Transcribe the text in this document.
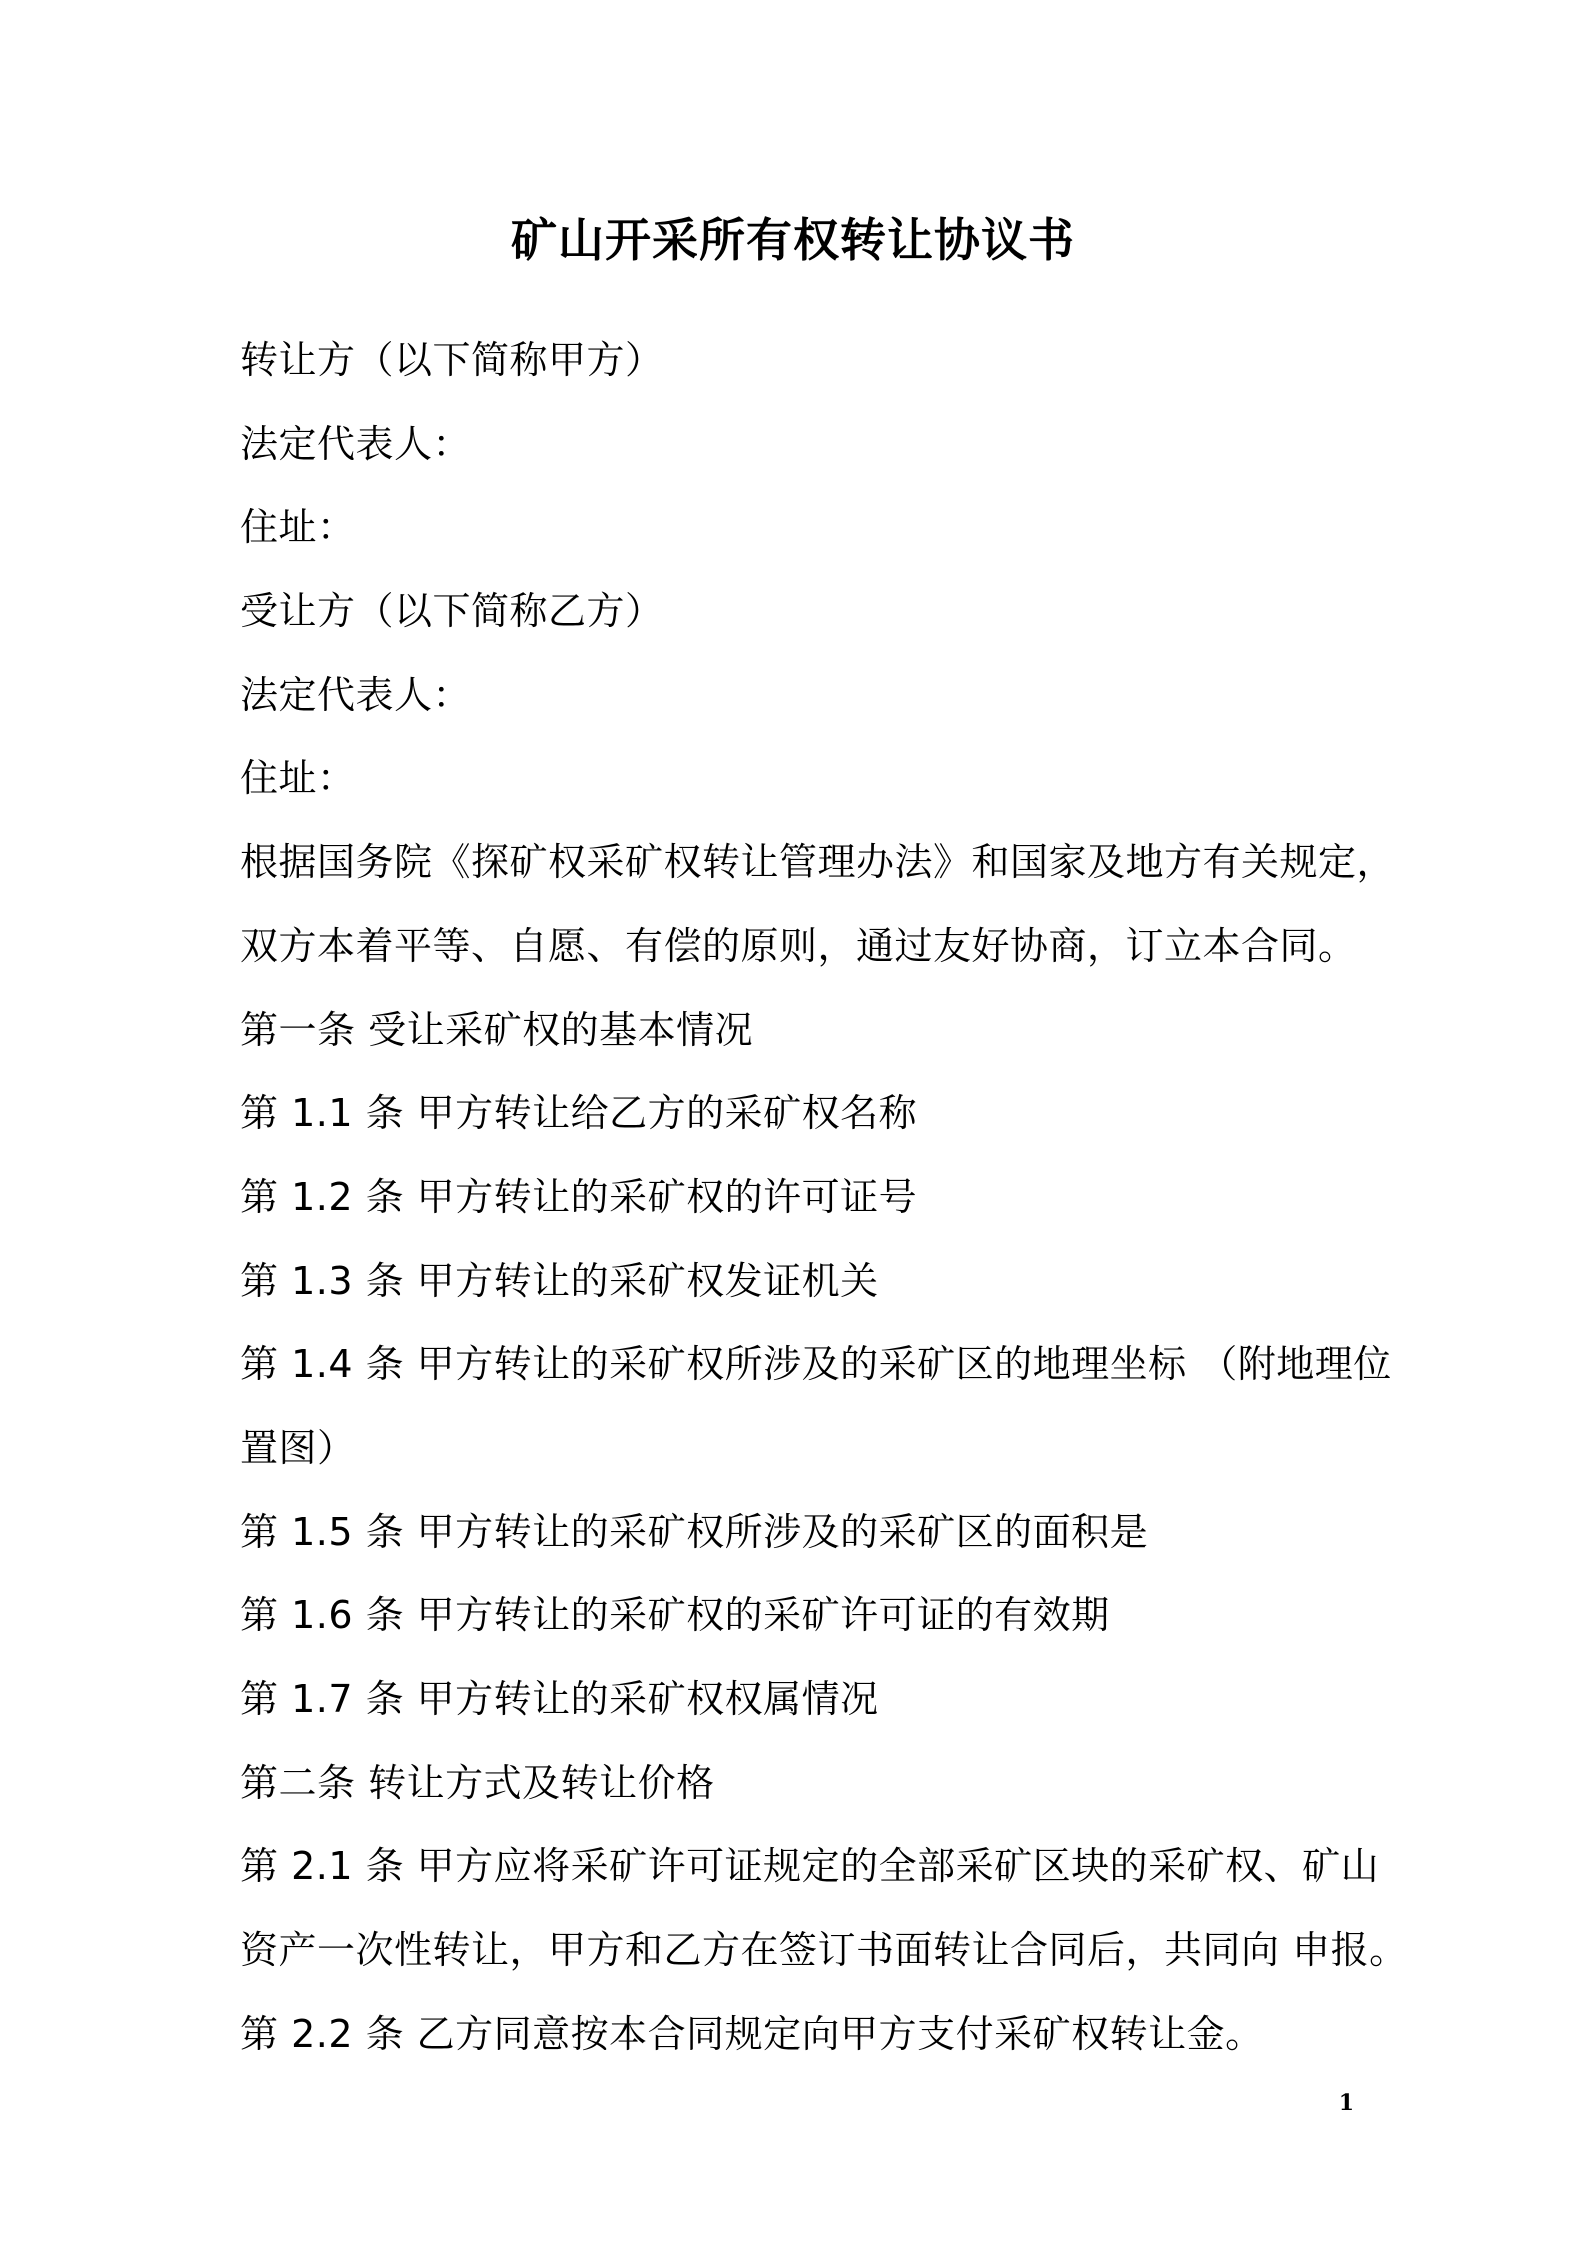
矿山开采所有权转让协议书
转让方（以下简称甲方）
法定代表人：
住址：
受让方（以下简称乙方）
法定代表人：
住址：
根据国务院《探矿权采矿权转让管理办法》和国家及地方有关规定，
双方本着平等、自愿、有偿的原则，通过友好协商，订立本合同。
第一条 受让采矿权的基本情况
第 1.1 条 甲方转让给乙方的采矿权名称
第 1.2 条 甲方转让的采矿权的许可证号
第 1.3 条 甲方转让的采矿权发证机关
第 1.4 条 甲方转让的采矿权所涉及的采矿区的地理坐标 （附地理位
置图）
第 1.5 条 甲方转让的采矿权所涉及的采矿区的面积是
第 1.6 条 甲方转让的采矿权的采矿许可证的有效期
第 1.7 条 甲方转让的采矿权权属情况
第二条 转让方式及转让价格
第 2.1 条 甲方应将采矿许可证规定的全部采矿区块的采矿权、矿山
资产一次性转让，甲方和乙方在签订书面转让合同后，共同向 申报。
第 2.2 条 乙方同意按本合同规定向甲方支付采矿权转让金。
1
